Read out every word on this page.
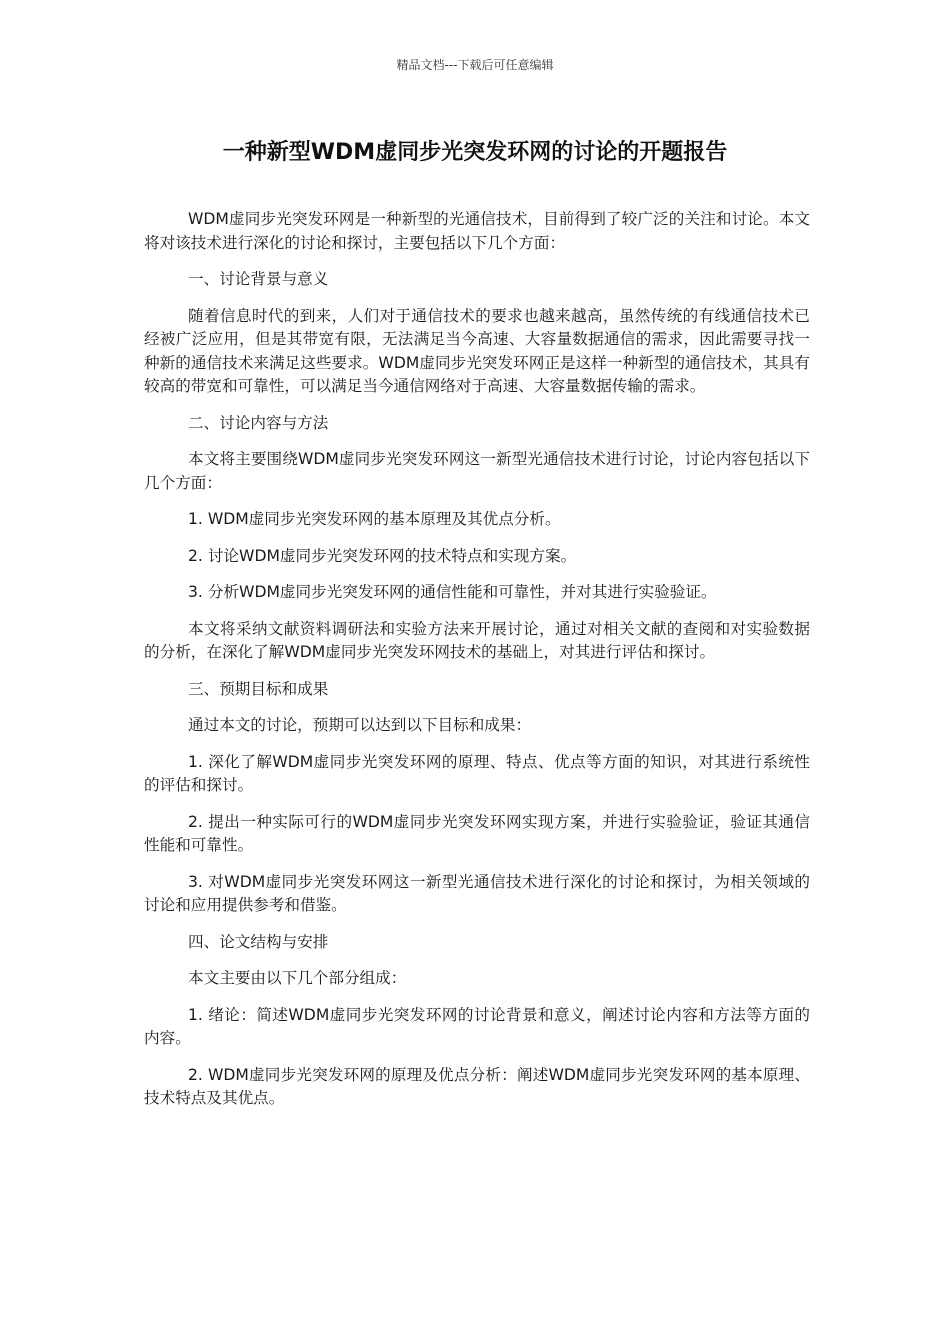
精品文档---下载后可任意编辑
一种新型WDM虚同步光突发环网的讨论的开题报告

WDM虚同步光突发环网是一种新型的光通信技术，目前得到了较广泛的关注和讨论。本文将对该技术进行深化的讨论和探讨，主要包括以下几个方面：

一、讨论背景与意义

随着信息时代的到来，人们对于通信技术的要求也越来越高，虽然传统的有线通信技术已经被广泛应用，但是其带宽有限，无法满足当今高速、大容量数据通信的需求，因此需要寻找一种新的通信技术来满足这些要求。WDM虚同步光突发环网正是这样一种新型的通信技术，其具有较高的带宽和可靠性，可以满足当今通信网络对于高速、大容量数据传输的需求。

二、讨论内容与方法

本文将主要围绕WDM虚同步光突发环网这一新型光通信技术进行讨论，讨论内容包括以下几个方面：

1. WDM虚同步光突发环网的基本原理及其优点分析。

2. 讨论WDM虚同步光突发环网的技术特点和实现方案。

3. 分析WDM虚同步光突发环网的通信性能和可靠性，并对其进行实验验证。

本文将采纳文献资料调研法和实验方法来开展讨论，通过对相关文献的查阅和对实验数据的分析，在深化了解WDM虚同步光突发环网技术的基础上，对其进行评估和探讨。

三、预期目标和成果

通过本文的讨论，预期可以达到以下目标和成果：

1. 深化了解WDM虚同步光突发环网的原理、特点、优点等方面的知识，对其进行系统性的评估和探讨。

2. 提出一种实际可行的WDM虚同步光突发环网实现方案，并进行实验验证，验证其通信性能和可靠性。

3. 对WDM虚同步光突发环网这一新型光通信技术进行深化的讨论和探讨，为相关领域的讨论和应用提供参考和借鉴。

四、论文结构与安排

本文主要由以下几个部分组成：

1. 绪论：简述WDM虚同步光突发环网的讨论背景和意义，阐述讨论内容和方法等方面的内容。

2. WDM虚同步光突发环网的原理及优点分析：阐述WDM虚同步光突发环网的基本原理、技术特点及其优点。
